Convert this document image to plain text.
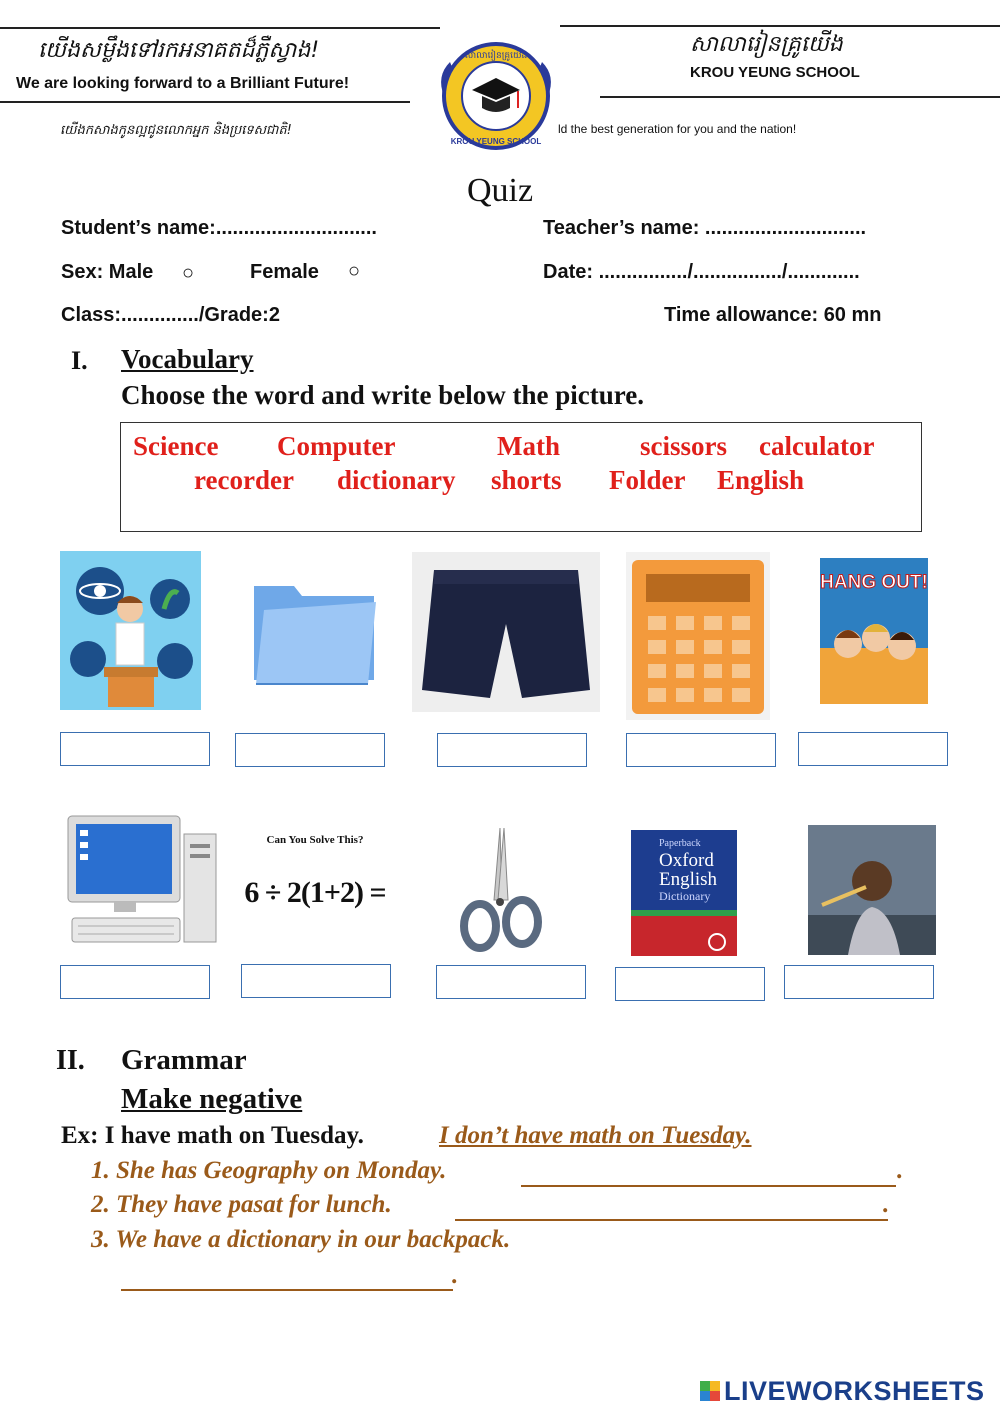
យើងសម្លឹងទៅរកអនាគតដ៏ភ្លឺស្វាង!
We are looking forward to a Brilliant Future!
សាលារៀនគ្រូយើង
KROU YEUNG SCHOOL
យើងកសាងកូនល្អជូនលោកអ្នក និងប្រទេសជាតិ!	ld the best generation for you and the nation!
សាលារៀនគ្រូយើង
KROU YEUNG SCHOOL
Quiz
Student’s name:.............................	Teacher’s name: .............................
Sex: Male ○	Female ○	Date: ................/................/.............
Class:............../Grade:2	Time allowance: 60 mn
I. Vocabulary
Choose the word and write below the picture.
Science Computer	Math	scissors calculator
recorder dictionary shorts Folder English
HANG OUT!
Can You Solve This?
6 ÷ 2(1+2) =
Paperback
Oxford
English
Dictionary
II. Grammar
Make negative
Ex: I have math on Tuesday.	I don’t have math on Tuesday.
1. She has Geography on Monday.	.
2. They have pasat for lunch.	.
3. We have a dictionary in our backpack.
.
LIVEWORKSHEETS
